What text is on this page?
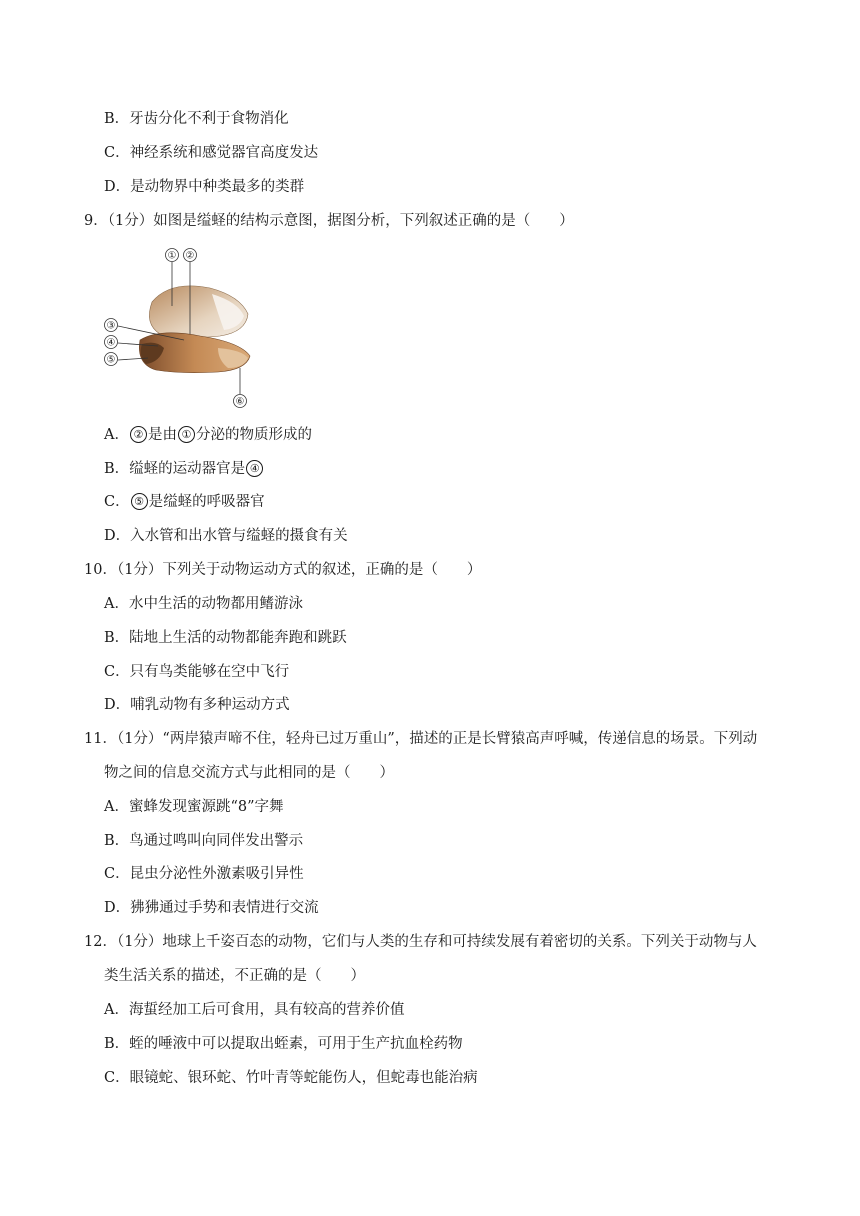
B．牙齿分化不利于食物消化
C．神经系统和感觉器官高度发达
D．是动物界中种类最多的类群
9．（1分）如图是缢蛏的结构示意图，据图分析，下列叙述正确的是（　　）
① ②
③
④
⑤
⑥
A． ② 是由 ① 分泌的物质形成的
B．缢蛏的运动器官是 ④
C． ⑤ 是缢蛏的呼吸器官
D．入水管和出水管与缢蛏的摄食有关
10．（1分）下列关于动物运动方式的叙述，正确的是（　　）
A．水中生活的动物都用鳍游泳
B．陆地上生活的动物都能奔跑和跳跃
C．只有鸟类能够在空中飞行
D．哺乳动物有多种运动方式
11．（1分）“两岸猿声啼不住，轻舟已过万重山”，描述的正是长臂猿高声呼喊，传递信息的场景。下列动
物之间的信息交流方式与此相同的是（　　）
A．蜜蜂发现蜜源跳“8”字舞
B．鸟通过鸣叫向同伴发出警示
C．昆虫分泌性外激素吸引异性
D．狒狒通过手势和表情进行交流
12．（1分）地球上千姿百态的动物，它们与人类的生存和可持续发展有着密切的关系。下列关于动物与人
类生活关系的描述，不正确的是（　　）
A．海蜇经加工后可食用，具有较高的营养价值
B．蛭的唾液中可以提取出蛭素，可用于生产抗血栓药物
C．眼镜蛇、银环蛇、竹叶青等蛇能伤人，但蛇毒也能治病
